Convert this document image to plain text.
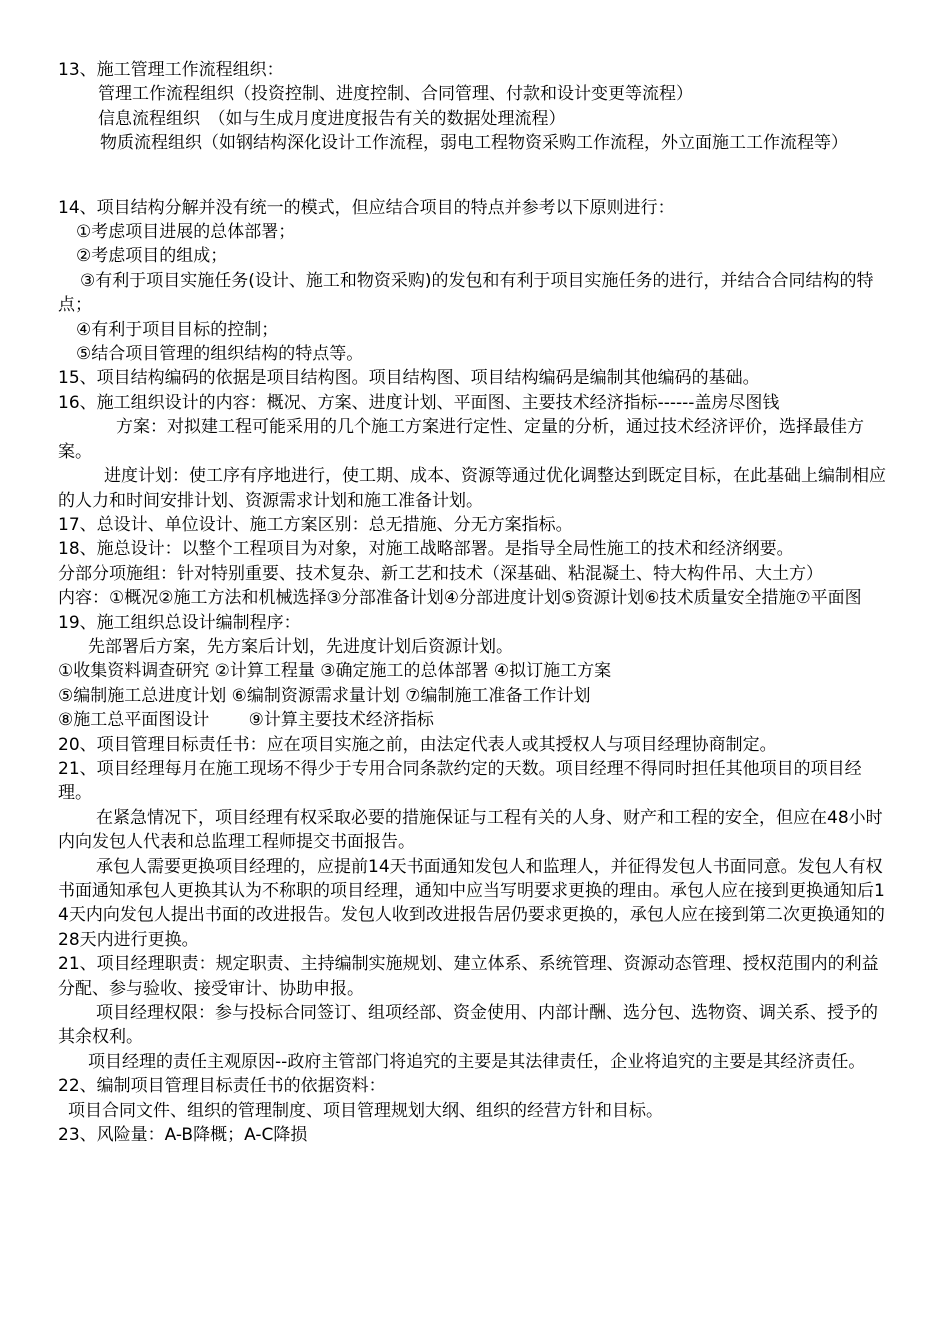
13、施工管理工作流程组织：

管理工作流程组织（投资控制、进度控制、合同管理、付款和设计变更等流程）

信息流程组织　（如与生成月度进度报告有关的数据处理流程）

物质流程组织（如钢结构深化设计工作流程，弱电工程物资采购工作流程，外立面施工工作流程等）

14、项目结构分解并没有统一的模式，但应结合项目的特点并参考以下原则进行：

①考虑项目进展的总体部署；

②考虑项目的组成；

③有利于项目实施任务(设计、施工和物资采购)的发包和有利于项目实施任务的进行，并结合合同结构的特点；

④有利于项目目标的控制；

⑤结合项目管理的组织结构的特点等。

15、项目结构编码的依据是项目结构图。项目结构图、项目结构编码是编制其他编码的基础。

16、施工组织设计的内容：概况、方案、进度计划、平面图、主要技术经济指标------盖房尽图钱

方案：对拟建工程可能采用的几个施工方案进行定性、定量的分析，通过技术经济评价，选择最佳方案。

进度计划：使工序有序地进行，使工期、成本、资源等通过优化调整达到既定目标，在此基础上编制相应的人力和时间安排计划、资源需求计划和施工准备计划。

17、总设计、单位设计、施工方案区别：总无措施、分无方案指标。

18、施总设计：以整个工程项目为对象，对施工战略部署。是指导全局性施工的技术和经济纲要。

分部分项施组：针对特别重要、技术复杂、新工艺和技术（深基础、粘混凝土、特大构件吊、大土方）

内容：①概况②施工方法和机械选择③分部准备计划④分部进度计划⑤资源计划⑥技术质量安全措施⑦平面图

19、施工组织总设计编制程序：

先部署后方案，先方案后计划，先进度计划后资源计划。

①收集资料调查研究 ②计算工程量 ③确定施工的总体部署 ④拟订施工方案

⑤编制施工总进度计划 ⑥编制资源需求量计划 ⑦编制施工准备工作计划

⑧施工总平面图设计　　 ⑨计算主要技术经济指标

20、项目管理目标责任书：应在项目实施之前，由法定代表人或其授权人与项目经理协商制定。

21、项目经理每月在施工现场不得少于专用合同条款约定的天数。项目经理不得同时担任其他项目的项目经理。

在紧急情况下，项目经理有权采取必要的措施保证与工程有关的人身、财产和工程的安全，但应在48小时内向发包人代表和总监理工程师提交书面报告。

承包人需要更换项目经理的，应提前14天书面通知发包人和监理人，并征得发包人书面同意。发包人有权书面通知承包人更换其认为不称职的项目经理，通知中应当写明要求更换的理由。承包人应在接到更换通知后14天内向发包人提出书面的改进报告。发包人收到改进报告居仍要求更换的，承包人应在接到第二次更换通知的28天内进行更换。

21、项目经理职责：规定职责、主持编制实施规划、建立体系、系统管理、资源动态管理、授权范围内的利益分配、参与验收、接受审计、协助申报。

项目经理权限：参与投标合同签订、组项经部、资金使用、内部计酬、选分包、选物资、调关系、授予的其余权利。

项目经理的责任主观原因--政府主管部门将追究的主要是其法律责任，企业将追究的主要是其经济责任。

22、编制项目管理目标责任书的依据资料：

项目合同文件、组织的管理制度、项目管理规划大纲、组织的经营方针和目标。

23、风险量：A-B降概；A-C降损
